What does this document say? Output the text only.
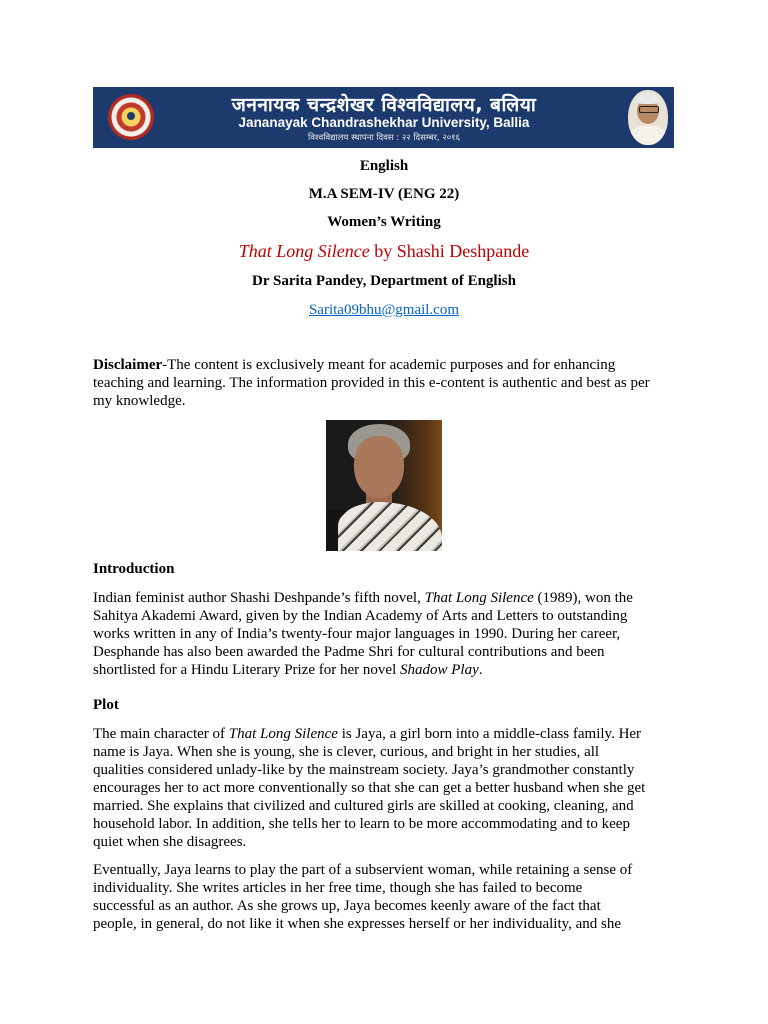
जननायक चन्द्रशेखर विश्वविद्यालय, बलिया
Jananayak Chandrashekhar University, Ballia
विश्वविद्यालय स्थापना दिवस : २२ दिसम्बर, २०१६
English
M.A SEM-IV (ENG 22)
Women’s Writing
That Long Silence by Shashi Deshpande
Dr Sarita Pandey, Department of English
Sarita09bhu@gmail.com
Disclaimer-The content is exclusively meant for academic purposes and for enhancing
teaching and learning. The information provided in this e-content is authentic and best as per
my knowledge.
Introduction
Indian feminist author Shashi Deshpande’s fifth novel, That Long Silence (1989), won the
Sahitya Akademi Award, given by the Indian Academy of Arts and Letters to outstanding
works written in any of India’s twenty-four major languages in 1990. During her career,
Desphande has also been awarded the Padme Shri for cultural contributions and been
shortlisted for a Hindu Literary Prize for her novel Shadow Play.
Plot
The main character of That Long Silence is Jaya, a girl born into a middle-class family. Her
name is Jaya. When she is young, she is clever, curious, and bright in her studies, all
qualities considered unlady-like by the mainstream society. Jaya’s grandmother constantly
encourages her to act more conventionally so that she can get a better husband when she get
married. She explains that civilized and cultured girls are skilled at cooking, cleaning, and
household labor. In addition, she tells her to learn to be more accommodating and to keep
quiet when she disagrees.
Eventually, Jaya learns to play the part of a subservient woman, while retaining a sense of
individuality. She writes articles in her free time, though she has failed to become
successful as an author. As she grows up, Jaya becomes keenly aware of the fact that
people, in general, do not like it when she expresses herself or her individuality, and she
